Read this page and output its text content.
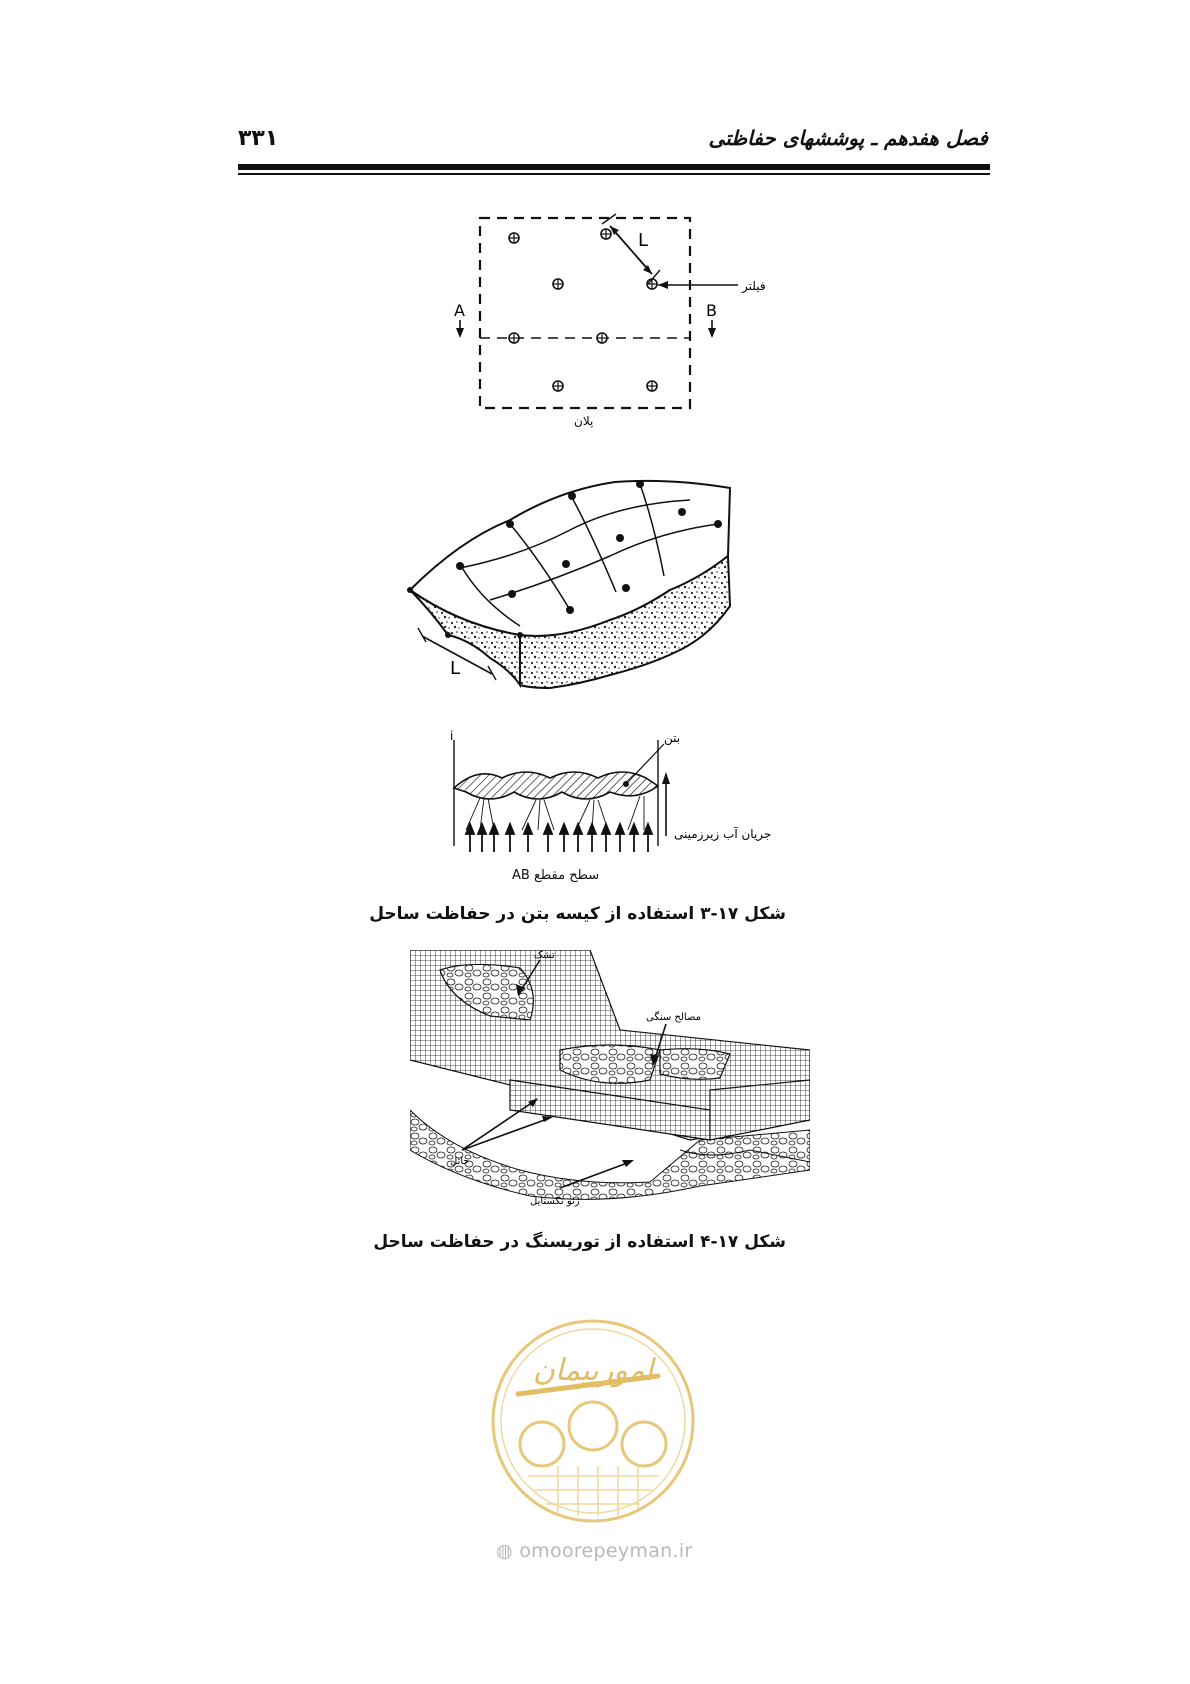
۳۳۱	فصل هفدهم ـ پوششهای حفاظتی
L
فیلتر
A	B
پلان
L
i	بتن
جریان آب زیرزمینی
سطح مقطع AB
شکل ۱۷-۳ استفاده از کیسه بتن در حفاظت ساحل
تشک
مصالح سنگی
حائل
ژئو تکستایل
شکل ۱۷-۴ استفاده از توریسنگ در حفاظت ساحل
امورپیمان
◍ omoorepeyman.ir
